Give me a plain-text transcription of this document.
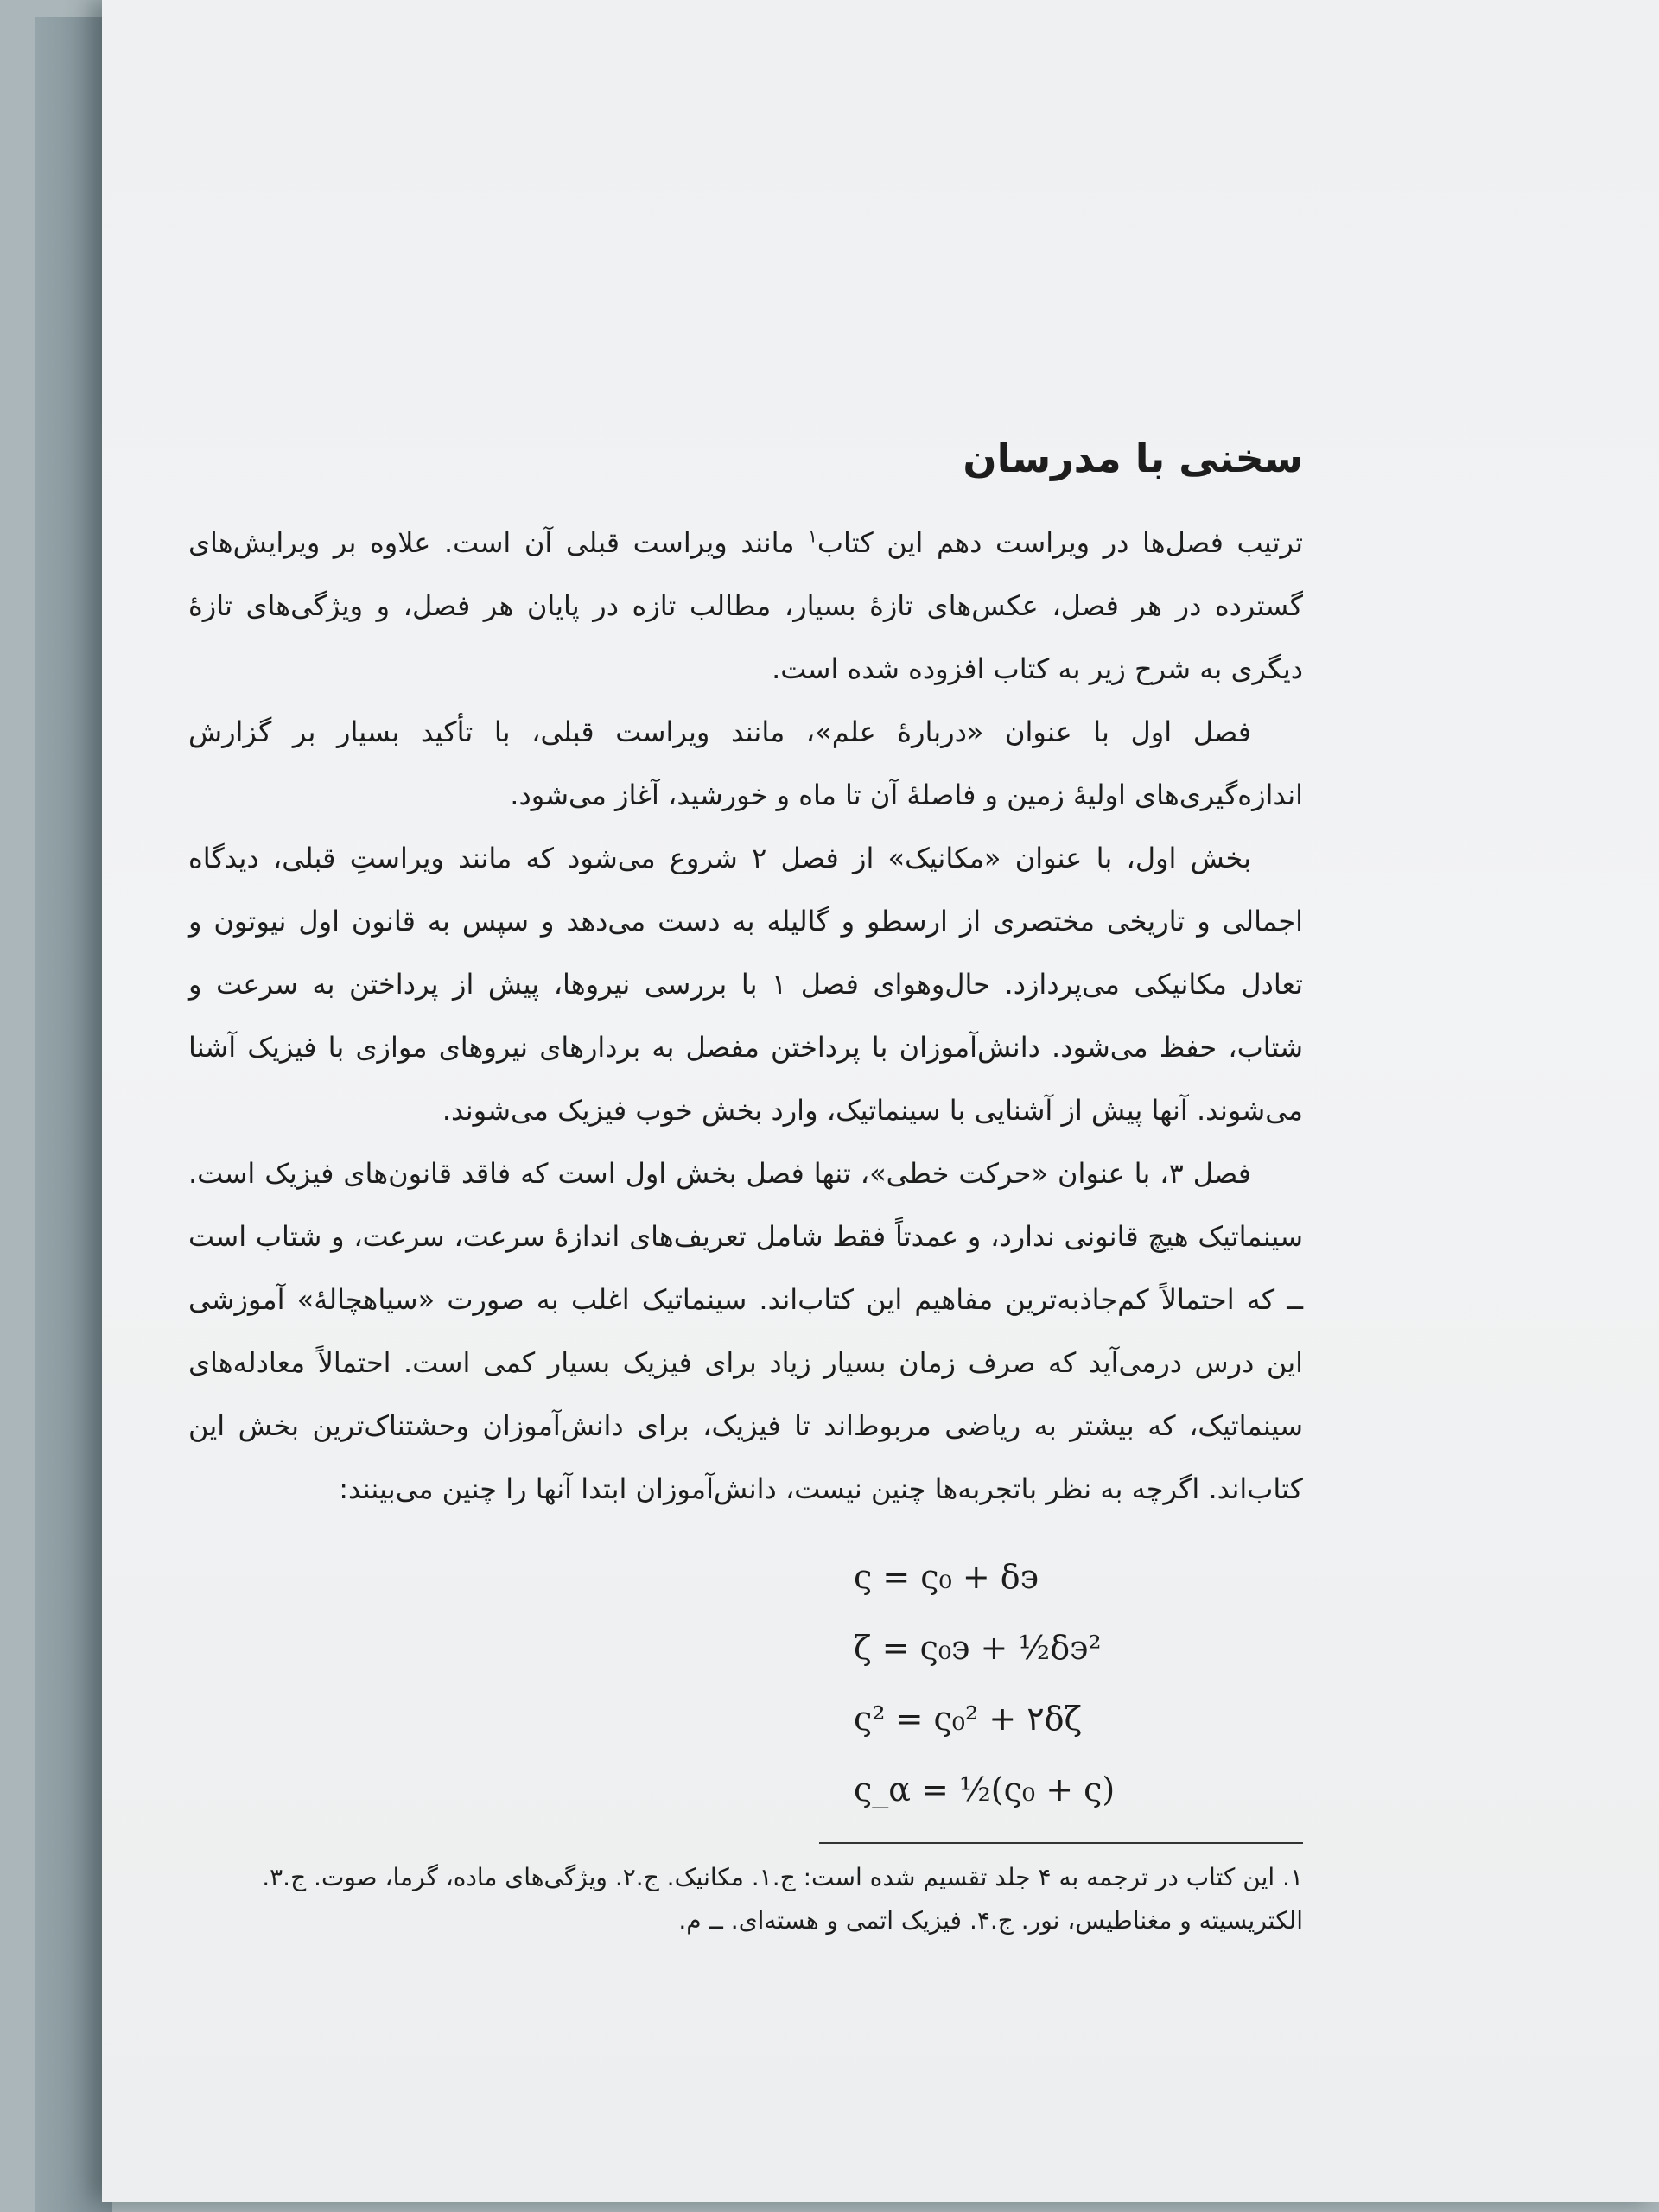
سخنی با مدرسان

ترتیب فصل‌ها در ویراست دهم این کتاب$^۱$ مانند ویراست قبلی آن است. علاوه بر ویرایش‌های گسترده در هر فصل، عکس‌های تازهٔ بسیار، مطالب تازه در پایان هر فصل، و ویژگی‌های تازهٔ دیگری به شرح زیر به کتاب افزوده شده است.

فصل اول با عنوان «دربارهٔ علم»، مانند ویراست قبلی، با تأکید بسیار بر گزارش اندازه‌گیری‌های اولیهٔ زمین و فاصلهٔ آن تا ماه و خورشید، آغاز می‌شود.

بخش اول، با عنوان «مکانیک» از فصل ۲ شروع می‌شود که مانند ویراستِ قبلی، دیدگاه اجمالی و تاریخی مختصری از ارسطو و گالیله به دست می‌دهد و سپس به قانون اول نیوتون و تعادل مکانیکی می‌پردازد. حال‌وهوای فصل ۱ با بررسی نیروها، پیش از پرداختن به سرعت و شتاب، حفظ می‌شود. دانش‌آموزان با پرداختن مفصل به بردارهای نیروهای موازی با فیزیک آشنا می‌شوند. آنها پیش از آشنایی با سینماتیک، وارد بخش خوب فیزیک می‌شوند.

فصل ۳، با عنوان «حرکت خطی»، تنها فصل بخش اول است که فاقد قانون‌های فیزیک است. سینماتیک هیچ قانونی ندارد، و عمدتاً فقط شامل تعریف‌های اندازهٔ سرعت، سرعت، و شتاب است ــ که احتمالاً کم‌جاذبه‌ترین مفاهیم این کتاب‌اند. سینماتیک اغلب به صورت «سیاهچالهٔ» آموزشی این درس درمی‌آید که صرف زمان بسیار زیاد برای فیزیک بسیار کمی است. احتمالاً معادله‌های سینماتیک، که بیشتر به ریاضی مربوط‌اند تا فیزیک، برای دانش‌آموزان وحشتناک‌ترین بخش این کتاب‌اند. اگرچه به نظر باتجربه‌ها چنین نیست، دانش‌آموزان ابتدا آنها را چنین می‌بینند:

ς = ς₀ + δ϶
ζ = ς₀϶ + ½δ϶²
ς² = ς₀² + ۲δζ
ς_α = ½(ς₀ + ς)
۱. این کتاب در ترجمه به ۴ جلد تقسیم شده است: ج.۱. مکانیک. ج.۲. ویژگی‌های ماده، گرما، صوت. ج.۳. الکتریسیته و مغناطیس، نور. ج.۴. فیزیک اتمی و هسته‌ای. ــ م.
